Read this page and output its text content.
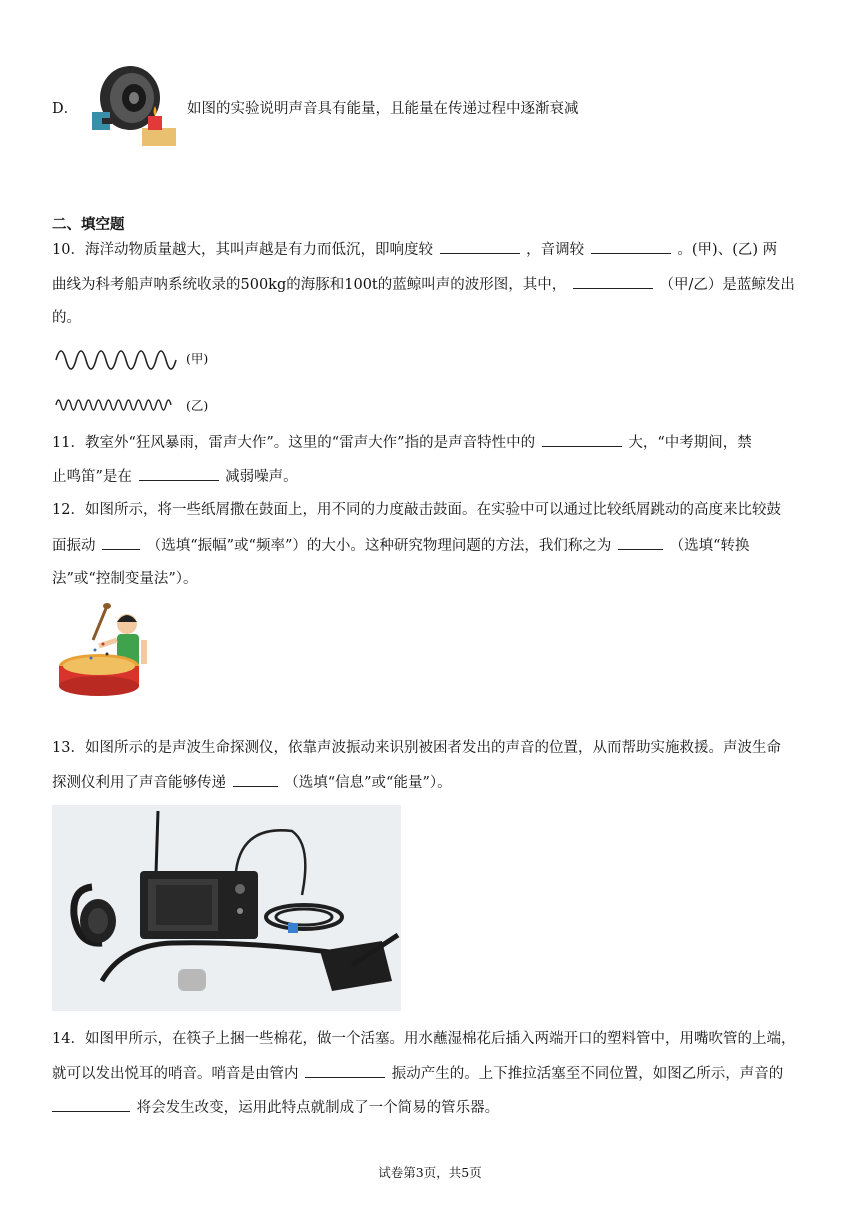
D．	如图的实验说明声音具有能量，且能量在传递过程中逐渐衰减
二、填空题
10．海洋动物质量越大，其叫声越是有力而低沉，即响度较	，音调较	。(甲)、(乙) 两
曲线为科考船声呐系统收录的500kg的海豚和100t的蓝鲸叫声的波形图，其中，	（甲/乙）是蓝鲸发出
的。
(甲)
(乙)
11．教室外“狂风暴雨，雷声大作”。这里的“雷声大作”指的是声音特性中的	大，“中考期间，禁
止鸣笛”是在	减弱噪声。
12．如图所示，将一些纸屑撒在鼓面上，用不同的力度敲击鼓面。在实验中可以通过比较纸屑跳动的高度来比较鼓
面振动	（选填“振幅”或“频率”）的大小。这种研究物理问题的方法，我们称之为	（选填“转换
法”或“控制变量法”）。
13．如图所示的是声波生命探测仪，依靠声波振动来识别被困者发出的声音的位置，从而帮助实施救援。声波生命
探测仪利用了声音能够传递	（选填“信息”或“能量”）。
14．如图甲所示，在筷子上捆一些棉花，做一个活塞。用水蘸湿棉花后插入两端开口的塑料管中，用嘴吹管的上端，
就可以发出悦耳的哨音。哨音是由管内	振动产生的。上下推拉活塞至不同位置，如图乙所示，声音的
将会发生改变，运用此特点就制成了一个简易的管乐器。
试卷第3页，共5页
